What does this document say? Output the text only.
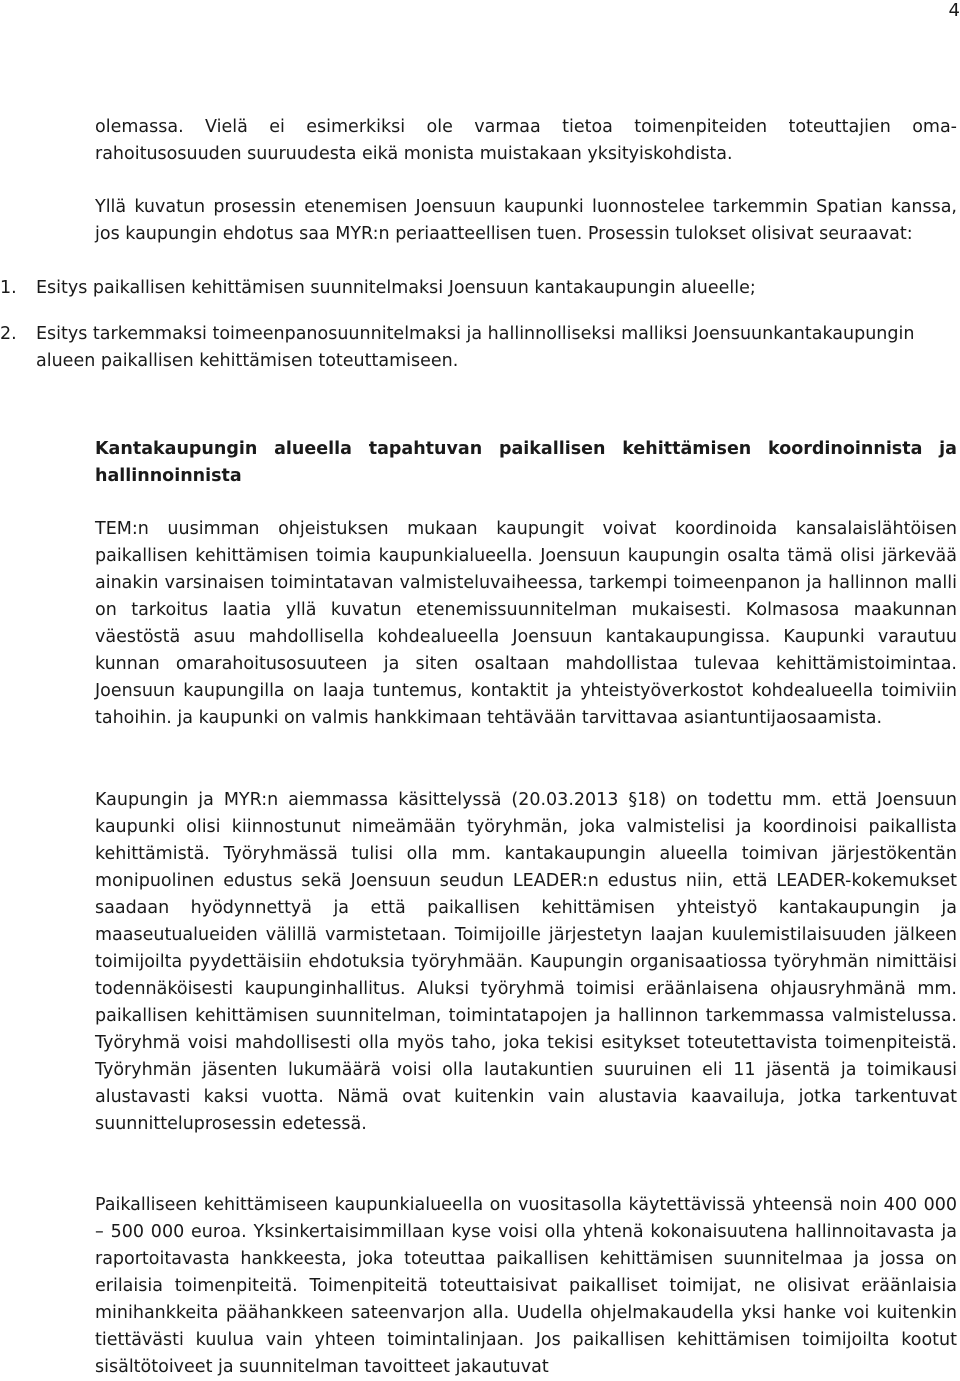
4

olemassa. Vielä ei esimerkiksi ole varmaa tietoa toimenpiteiden toteuttajien oma-rahoitusosuuden suuruudesta eikä monista muistakaan yksityiskohdista.

Yllä kuvatun prosessin etenemisen Joensuun kaupunki luonnostelee tarkemmin Spatian kanssa, jos kaupungin ehdotus saa MYR:n periaatteellisen tuen. Prosessin tulokset olisivat seuraavat:

1. Esitys paikallisen kehittämisen suunnitelmaksi Joensuun kantakaupungin alueelle;
2. Esitys tarkemmaksi toimeenpanosuunnitelmaksi ja hallinnolliseksi malliksi Joensuunkantakaupungin alueen paikallisen kehittämisen toteuttamiseen.
Kantakaupungin alueella tapahtuvan paikallisen kehittämisen koordinoinnista ja hallinnoinnista

TEM:n uusimman ohjeistuksen mukaan kaupungit voivat koordinoida kansalaislähtöisen paikallisen kehittämisen toimia kaupunkialueella. Joensuun kaupungin osalta tämä olisi järkevää ainakin varsinaisen toimintatavan valmisteluvaiheessa, tarkempi toimeenpanon ja hallinnon malli on tarkoitus laatia yllä kuvatun etenemissuunnitelman mukaisesti. Kolmasosa maakunnan väestöstä asuu mahdollisella kohdealueella Joensuun kantakaupungissa. Kaupunki varautuu kunnan omarahoitusosuuteen ja siten osaltaan mahdollistaa tulevaa kehittämistoimintaa. Joensuun kaupungilla on laaja tuntemus, kontaktit ja yhteistyöverkostot kohdealueella toimiviin tahoihin. ja kaupunki on valmis hankkimaan tehtävään tarvittavaa asiantuntijaosaamista.

Kaupungin ja MYR:n aiemmassa käsittelyssä (20.03.2013 §18) on todettu mm. että Joensuun kaupunki olisi kiinnostunut nimeämään työryhmän, joka valmistelisi ja koordinoisi paikallista kehittämistä. Työryhmässä tulisi olla mm. kantakaupungin alueella toimivan järjestökentän monipuolinen edustus sekä Joensuun seudun LEADER:n edustus niin, että LEADER-kokemukset saadaan hyödynnettyä ja että paikallisen kehittämisen yhteistyö kantakaupungin ja maaseutualueiden välillä varmistetaan. Toimijoille järjestetyn laajan kuulemistilaisuuden jälkeen toimijoilta pyydettäisiin ehdotuksia työryhmään. Kaupungin organisaatiossa työryhmän nimittäisi todennäköisesti kaupunginhallitus. Aluksi työryhmä toimisi eräänlaisena ohjausryhmänä mm. paikallisen kehittämisen suunnitelman, toimintatapojen ja hallinnon tarkemmassa valmistelussa. Työryhmä voisi mahdollisesti olla myös taho, joka tekisi esitykset toteutettavista toimenpiteistä. Työryhmän jäsenten lukumäärä voisi olla lautakuntien suuruinen eli 11 jäsentä ja toimikausi alustavasti kaksi vuotta. Nämä ovat kuitenkin vain alustavia kaavailuja, jotka tarkentuvat suunnitteluprosessin edetessä.

Paikalliseen kehittämiseen kaupunkialueella on vuositasolla käytettävissä yhteensä noin 400 000 – 500 000 euroa. Yksinkertaisimmillaan kyse voisi olla yhtenä kokonaisuutena hallinnoitavasta ja raportoitavasta hankkeesta, joka toteuttaa paikallisen kehittämisen suunnitelmaa ja jossa on erilaisia toimenpiteitä. Toimenpiteitä toteuttaisivat paikalliset toimijat, ne olisivat eräänlaisia minihankkeita päähankkeen sateenvarjon alla. Uudella ohjelmakaudella yksi hanke voi kuitenkin tiettävästi kuulua vain yhteen toimintalinjaan. Jos paikallisen kehittämisen toimijoilta kootut sisältötoiveet ja suunnitelman tavoitteet jakautuvat
